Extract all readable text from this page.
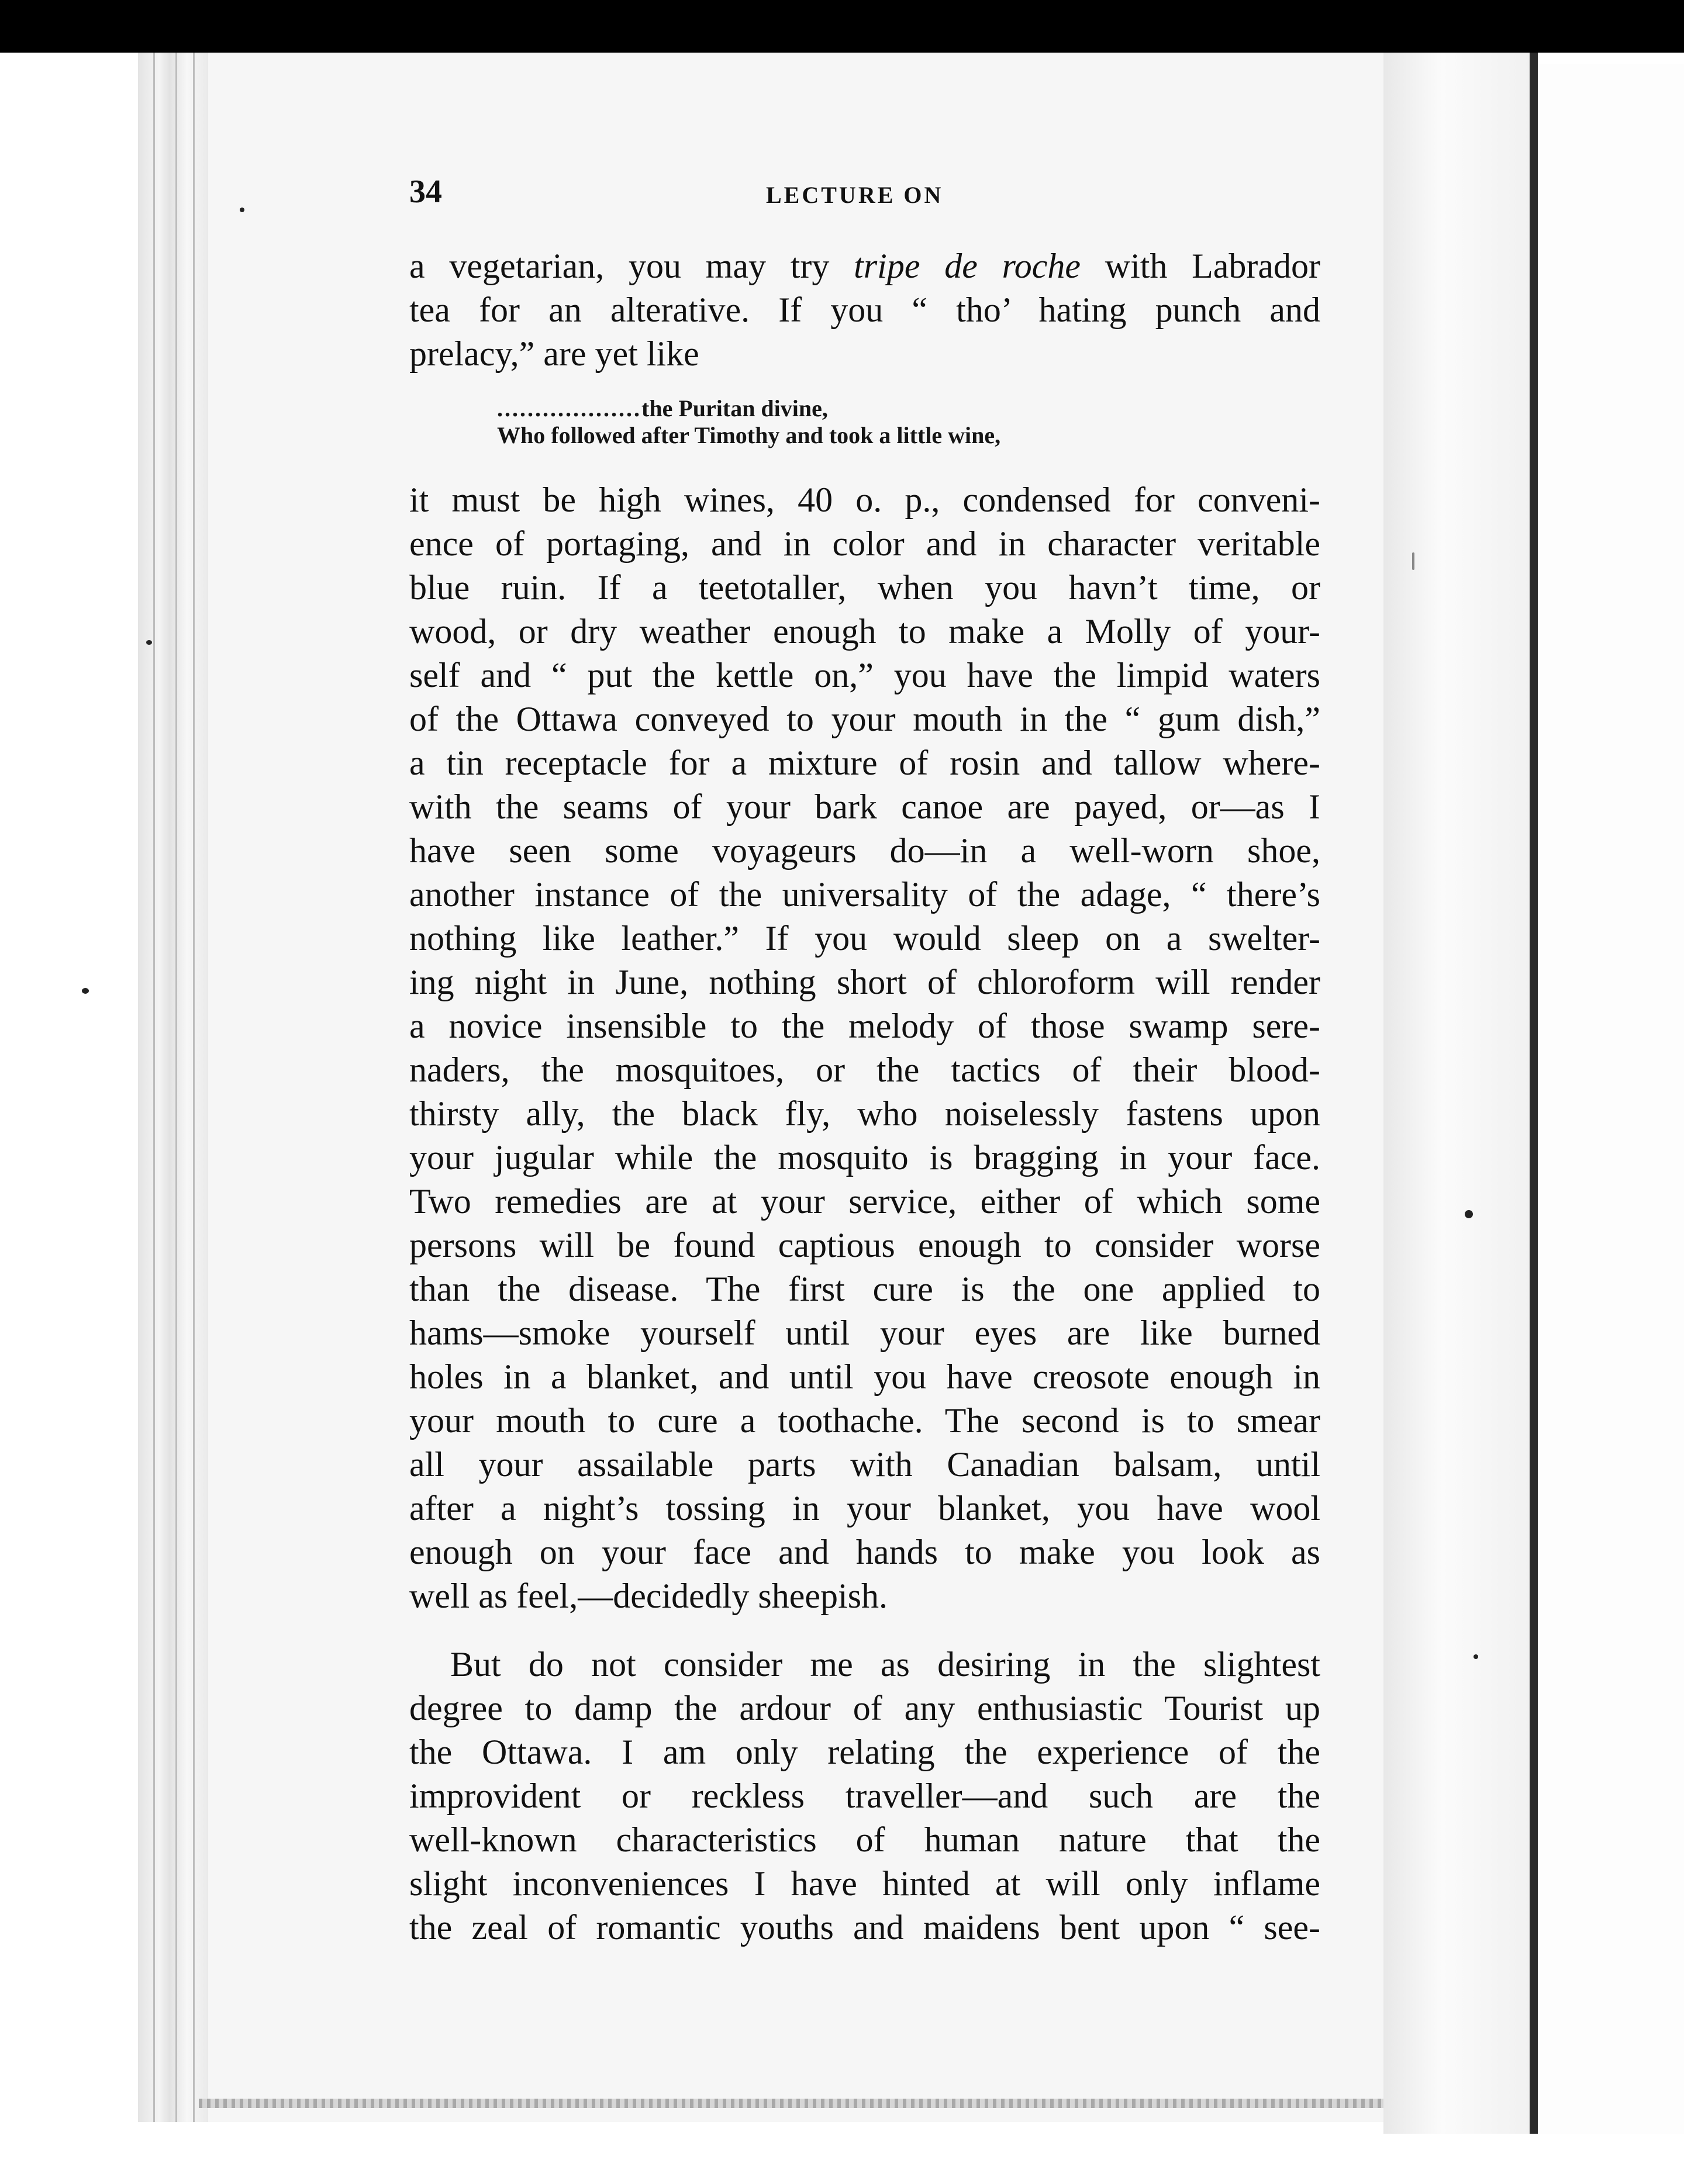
34	LECTURE ON
a vegetarian, you may try tripe de roche with Labrador
tea for an alterative. If you “ tho’ hating punch and
prelacy,” are yet like
...................the Puritan divine,
Who followed after Timothy and took a little wine,
it must be high wines, 40 o. p., condensed for conveni-
ence of portaging, and in color and in character veritable
blue ruin. If a teetotaller, when you havn’t time, or
wood, or dry weather enough to make a Molly of your-
self and “ put the kettle on,” you have the limpid waters
of the Ottawa conveyed to your mouth in the “ gum dish,”
a tin receptacle for a mixture of rosin and tallow where-
with the seams of your bark canoe are payed, or—as I
have seen some voyageurs do—in a well-worn shoe,
another instance of the universality of the adage, “ there’s
nothing like leather.” If you would sleep on a swelter-
ing night in June, nothing short of chloroform will render
a novice insensible to the melody of those swamp sere-
naders, the mosquitoes, or the tactics of their blood-
thirsty ally, the black fly, who noiselessly fastens upon
your jugular while the mosquito is bragging in your face.
Two remedies are at your service, either of which some
persons will be found captious enough to consider worse
than the disease. The first cure is the one applied to
hams—smoke yourself until your eyes are like burned
holes in a blanket, and until you have creosote enough in
your mouth to cure a toothache. The second is to smear
all your assailable parts with Canadian balsam, until
after a night’s tossing in your blanket, you have wool
enough on your face and hands to make you look as
well as feel,—decidedly sheepish.
But do not consider me as desiring in the slightest
degree to damp the ardour of any enthusiastic Tourist up
the Ottawa. I am only relating the experience of the
improvident or reckless traveller—and such are the
well-known characteristics of human nature that the
slight inconveniences I have hinted at will only inflame
the zeal of romantic youths and maidens bent upon “ see-
